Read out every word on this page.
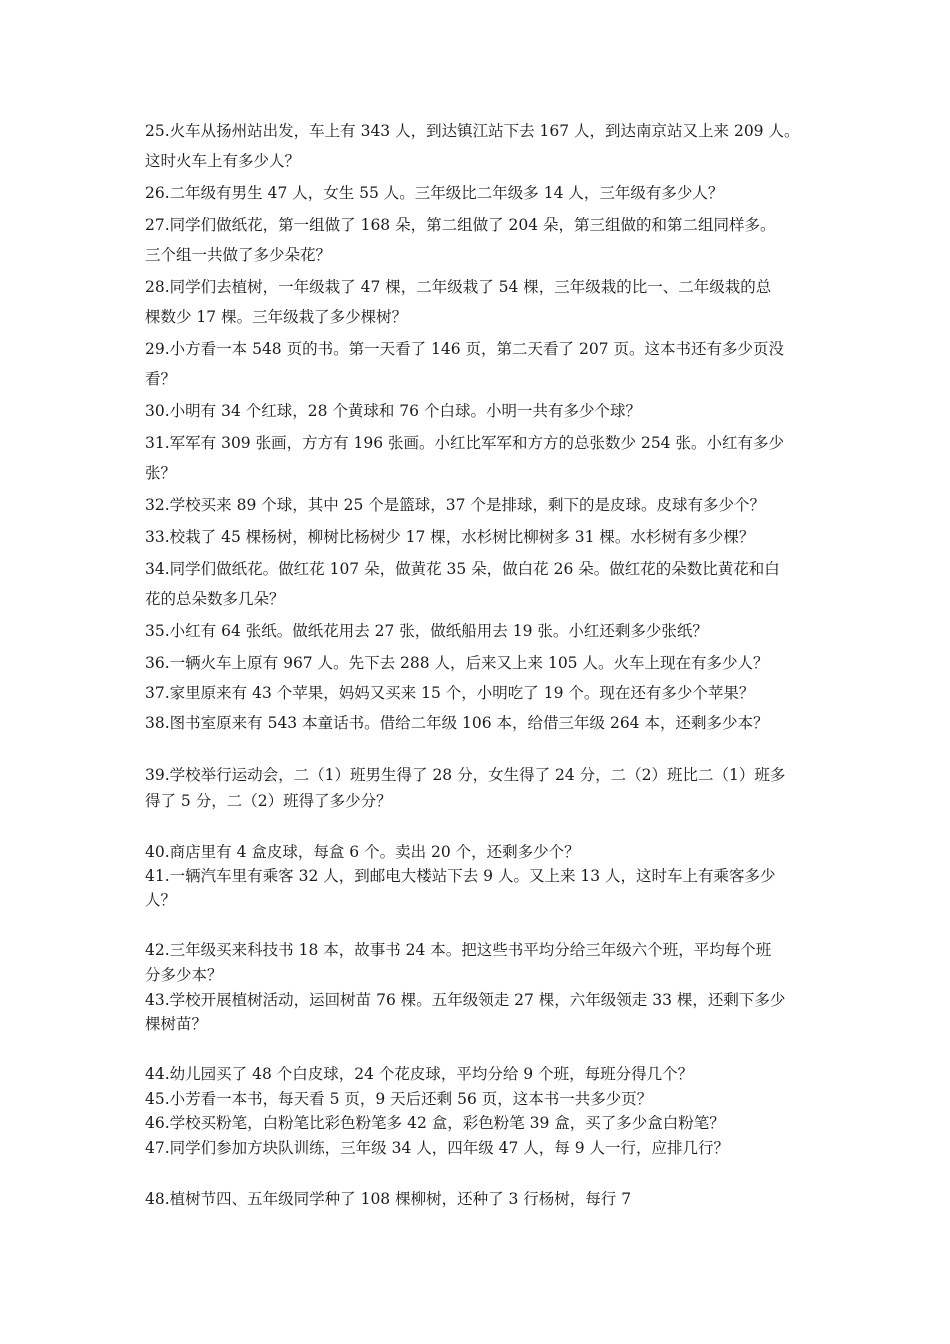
25.火车从扬州站出发，车上有 343 人，到达镇江站下去 167 人，到达南京站又上来 209 人。
这时火车上有多少人？
26.二年级有男生 47 人，女生 55 人。三年级比二年级多 14 人，三年级有多少人？
27.同学们做纸花，第一组做了 168 朵，第二组做了 204 朵，第三组做的和第二组同样多。
三个组一共做了多少朵花？
28.同学们去植树，一年级栽了 47 棵，二年级栽了 54 棵，三年级栽的比一、二年级栽的总
棵数少 17 棵。三年级栽了多少棵树？
29.小方看一本 548 页的书。第一天看了 146 页，第二天看了 207 页。这本书还有多少页没
看？
30.小明有 34 个红球，28 个黄球和 76 个白球。小明一共有多少个球？
31.军军有 309 张画，方方有 196 张画。小红比军军和方方的总张数少 254 张。小红有多少
张？
32.学校买来 89 个球，其中 25 个是篮球，37 个是排球，剩下的是皮球。皮球有多少个？
33.校栽了 45 棵杨树，柳树比杨树少 17 棵，水杉树比柳树多 31 棵。水杉树有多少棵？
34.同学们做纸花。做红花 107 朵，做黄花 35 朵，做白花 26 朵。做红花的朵数比黄花和白
花的总朵数多几朵？
35.小红有 64 张纸。做纸花用去 27 张，做纸船用去 19 张。小红还剩多少张纸？
36.一辆火车上原有 967 人。先下去 288 人，后来又上来 105 人。火车上现在有多少人？
37.家里原来有 43 个苹果，妈妈又买来 15 个，小明吃了 19 个。现在还有多少个苹果？
38.图书室原来有 543 本童话书。借给二年级 106 本，给借三年级 264 本，还剩多少本？
39.学校举行运动会，二（1）班男生得了 28 分，女生得了 24 分，二（2）班比二（1）班多
得了 5 分，二（2）班得了多少分？
40.商店里有 4 盒皮球，每盒 6 个。卖出 20 个，还剩多少个？
41.一辆汽车里有乘客 32 人，到邮电大楼站下去 9 人。又上来 13 人，这时车上有乘客多少
人？
42.三年级买来科技书 18 本，故事书 24 本。把这些书平均分给三年级六个班，平均每个班
分多少本？
43.学校开展植树活动，运回树苗 76 棵。五年级领走 27 棵，六年级领走 33 棵，还剩下多少
棵树苗？
44.幼儿园买了 48 个白皮球，24 个花皮球，平均分给 9 个班，每班分得几个？
45.小芳看一本书，每天看 5 页，9 天后还剩 56 页，这本书一共多少页？
46.学校买粉笔，白粉笔比彩色粉笔多 42 盒，彩色粉笔 39 盒，买了多少盒白粉笔？
47.同学们参加方块队训练，三年级 34 人，四年级 47 人，每 9 人一行，应排几行？
48.植树节四、五年级同学种了 108 棵柳树，还种了 3 行杨树，每行 7
